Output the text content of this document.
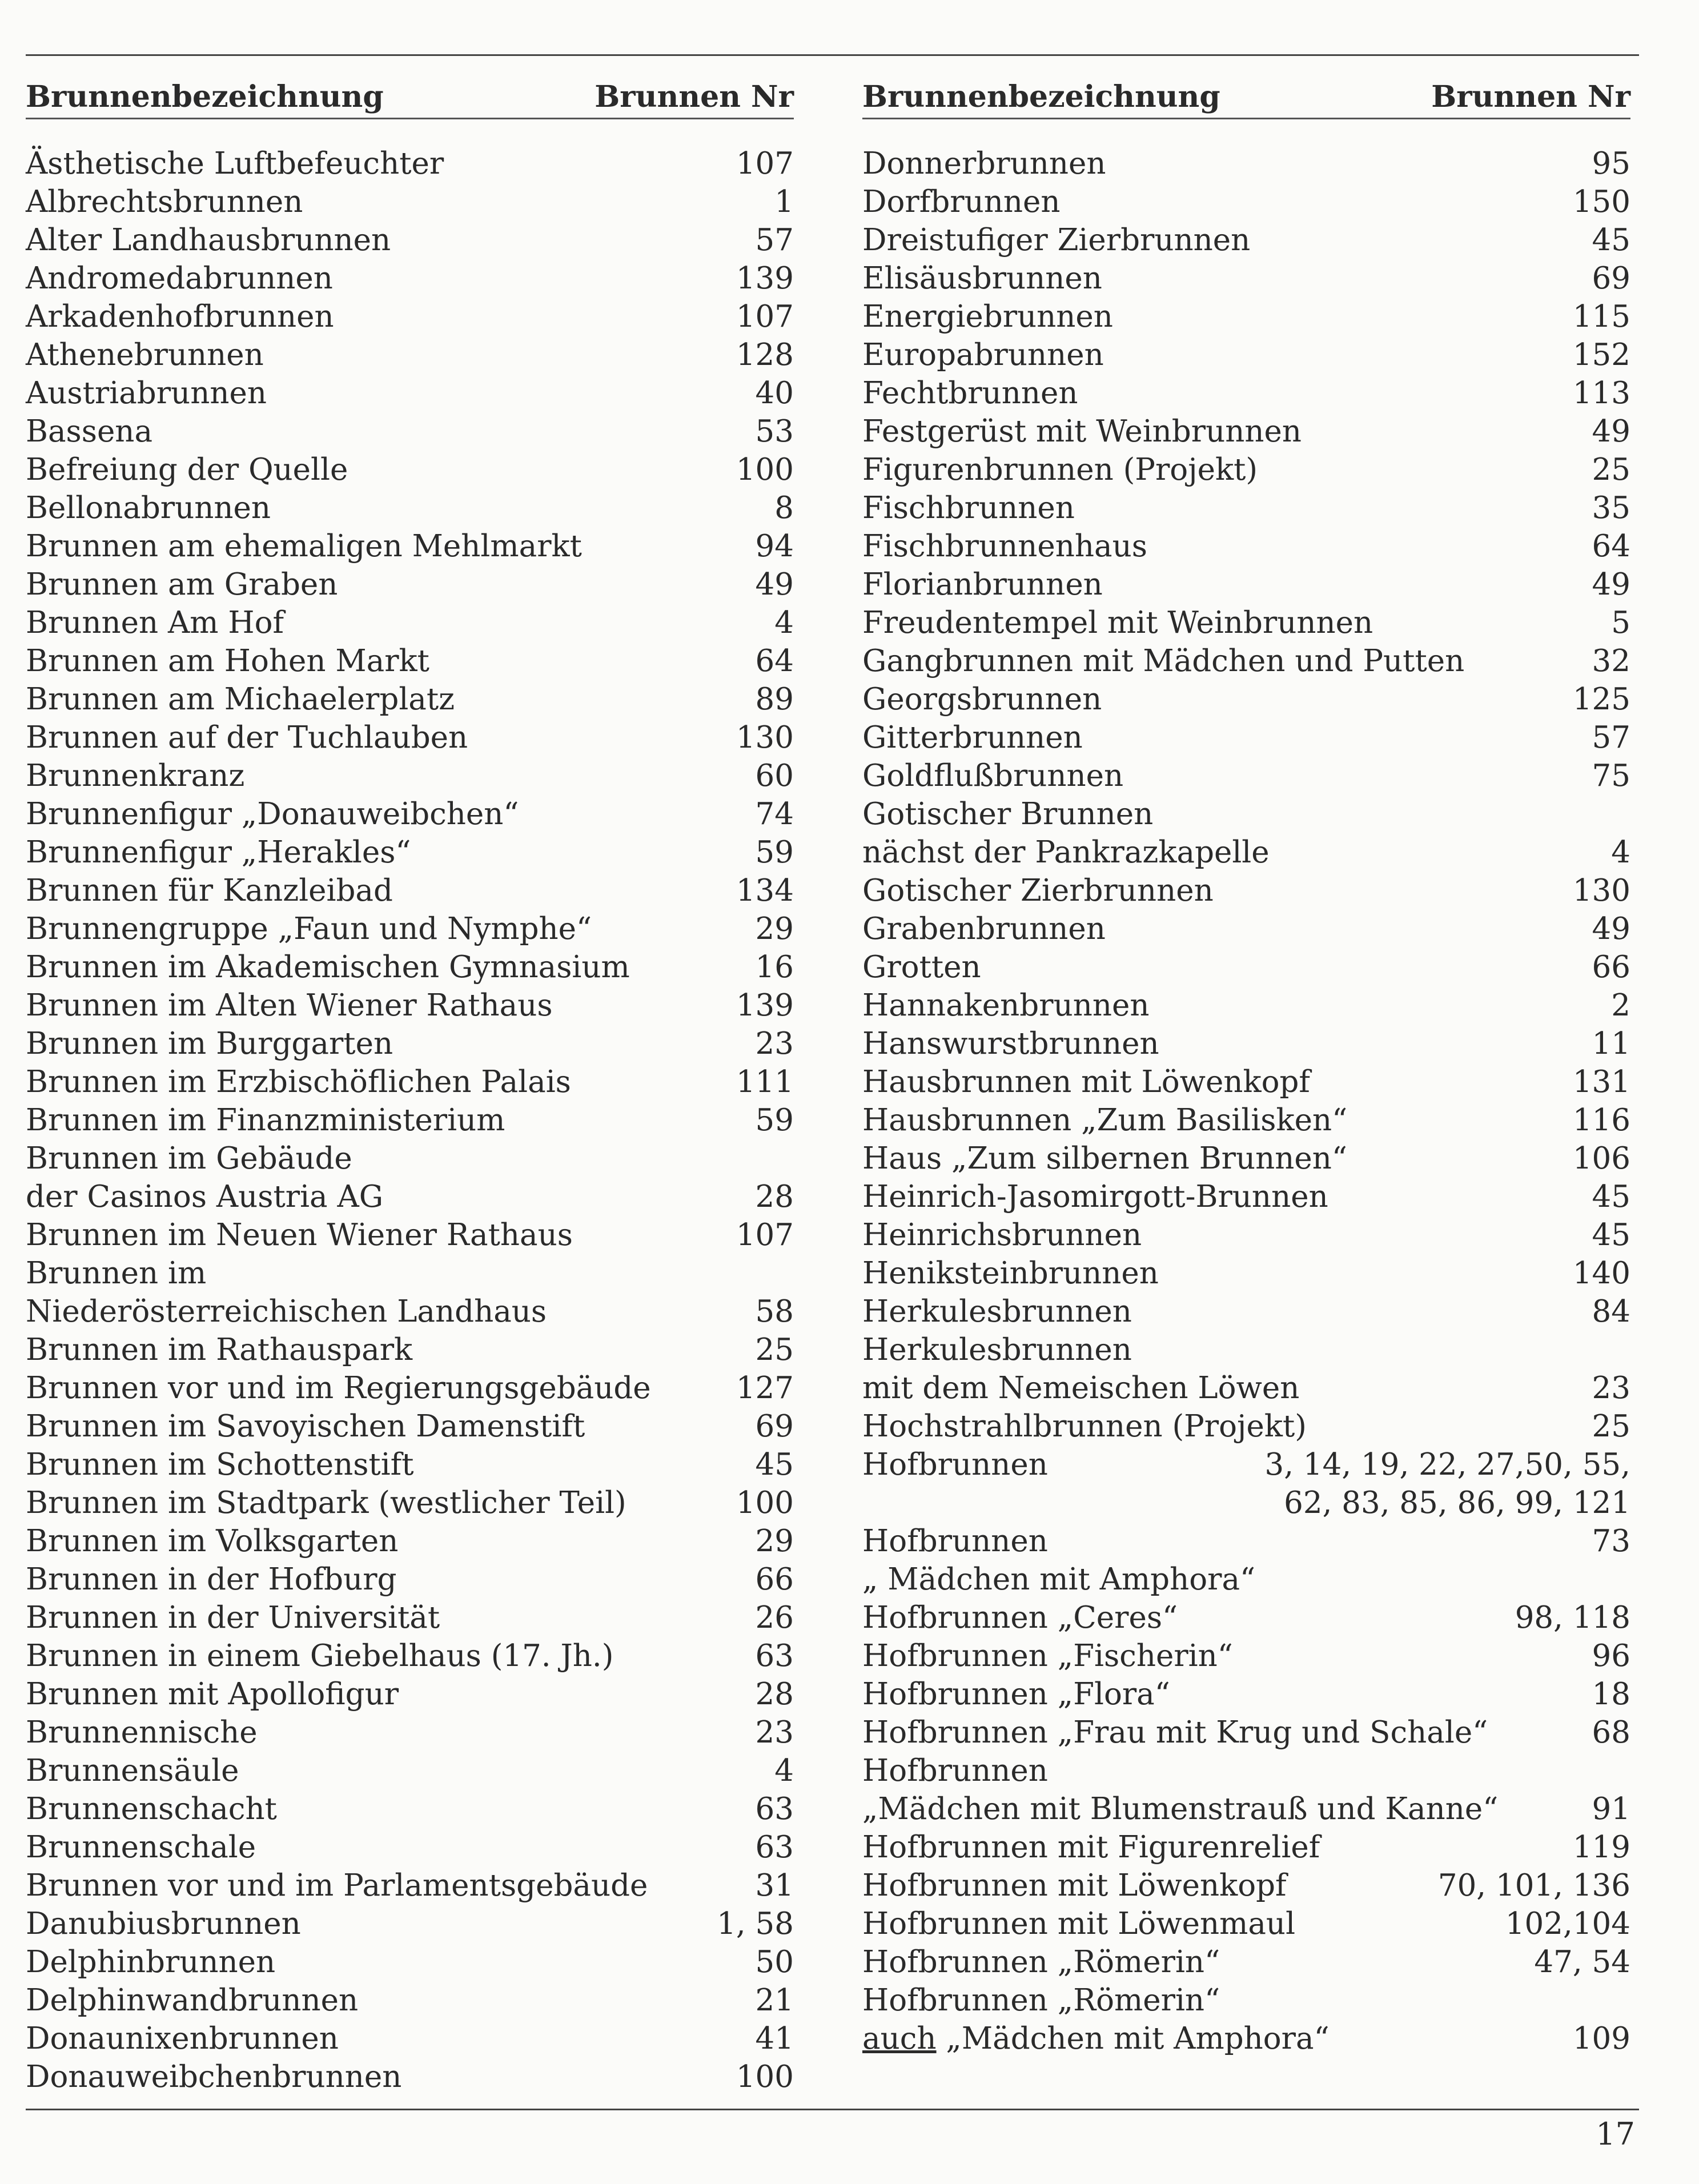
Brunnenbezeichnung	Brunnen Nr
Ästhetische Luftbefeuchter	107
Albrechtsbrunnen	1
Alter Landhausbrunnen	57
Andromedabrunnen	139
Arkadenhofbrunnen	107
Athenebrunnen	128
Austriabrunnen	40
Bassena	53
Befreiung der Quelle	100
Bellonabrunnen	8
Brunnen am ehemaligen Mehlmarkt	94
Brunnen am Graben	49
Brunnen Am Hof	4
Brunnen am Hohen Markt	64
Brunnen am Michaelerplatz	89
Brunnen auf der Tuchlauben	130
Brunnenkranz	60
Brunnenfigur „Donauweibchen“	74
Brunnenfigur „Herakles“	59
Brunnen für Kanzleibad	134
Brunnengruppe „Faun und Nymphe“	29
Brunnen im Akademischen Gymnasium	16
Brunnen im Alten Wiener Rathaus	139
Brunnen im Burggarten	23
Brunnen im Erzbischöflichen Palais	111
Brunnen im Finanzministerium	59
Brunnen im Gebäude
der Casinos Austria AG	28
Brunnen im Neuen Wiener Rathaus	107
Brunnen im
Niederösterreichischen Landhaus	58
Brunnen im Rathauspark	25
Brunnen vor und im Regierungsgebäude	127
Brunnen im Savoyischen Damenstift	69
Brunnen im Schottenstift	45
Brunnen im Stadtpark (westlicher Teil)	100
Brunnen im Volksgarten	29
Brunnen in der Hofburg	66
Brunnen in der Universität	26
Brunnen in einem Giebelhaus (17. Jh.)	63
Brunnen mit Apollofigur	28
Brunnennische	23
Brunnensäule	4
Brunnenschacht	63
Brunnenschale	63
Brunnen vor und im Parlamentsgebäude	31
Danubiusbrunnen	1, 58
Delphinbrunnen	50
Delphinwandbrunnen	21
Donaunixenbrunnen	41
Donauweibchenbrunnen	100
Brunnenbezeichnung	Brunnen Nr
Donnerbrunnen	95
Dorfbrunnen	150
Dreistufiger Zierbrunnen	45
Elisäusbrunnen	69
Energiebrunnen	115
Europabrunnen	152
Fechtbrunnen	113
Festgerüst mit Weinbrunnen	49
Figurenbrunnen (Projekt)	25
Fischbrunnen	35
Fischbrunnenhaus	64
Florianbrunnen	49
Freudentempel mit Weinbrunnen	5
Gangbrunnen mit Mädchen und Putten	32
Georgsbrunnen	125
Gitterbrunnen	57
Goldflußbrunnen	75
Gotischer Brunnen
nächst der Pankrazkapelle	4
Gotischer Zierbrunnen	130
Grabenbrunnen	49
Grotten	66
Hannakenbrunnen	2
Hanswurstbrunnen	11
Hausbrunnen mit Löwenkopf	131
Hausbrunnen „Zum Basilisken“	116
Haus „Zum silbernen Brunnen“	106
Heinrich-Jasomirgott-Brunnen	45
Heinrichsbrunnen	45
Heniksteinbrunnen	140
Herkulesbrunnen	84
Herkulesbrunnen
mit dem Nemeischen Löwen	23
Hochstrahlbrunnen (Projekt)	25
Hofbrunnen	3, 14, 19, 22, 27,50, 55,
62, 83, 85, 86, 99, 121
Hofbrunnen	73
„ Mädchen mit Amphora“
Hofbrunnen „Ceres“	98, 118
Hofbrunnen „Fischerin“	96
Hofbrunnen „Flora“	18
Hofbrunnen „Frau mit Krug und Schale“	68
Hofbrunnen
„Mädchen mit Blumenstrauß und Kanne“	91
Hofbrunnen mit Figurenrelief	119
Hofbrunnen mit Löwenkopf	70, 101, 136
Hofbrunnen mit Löwenmaul	102,104
Hofbrunnen „Römerin“	47, 54
Hofbrunnen „Römerin“
auch „Mädchen mit Amphora“	109
17
